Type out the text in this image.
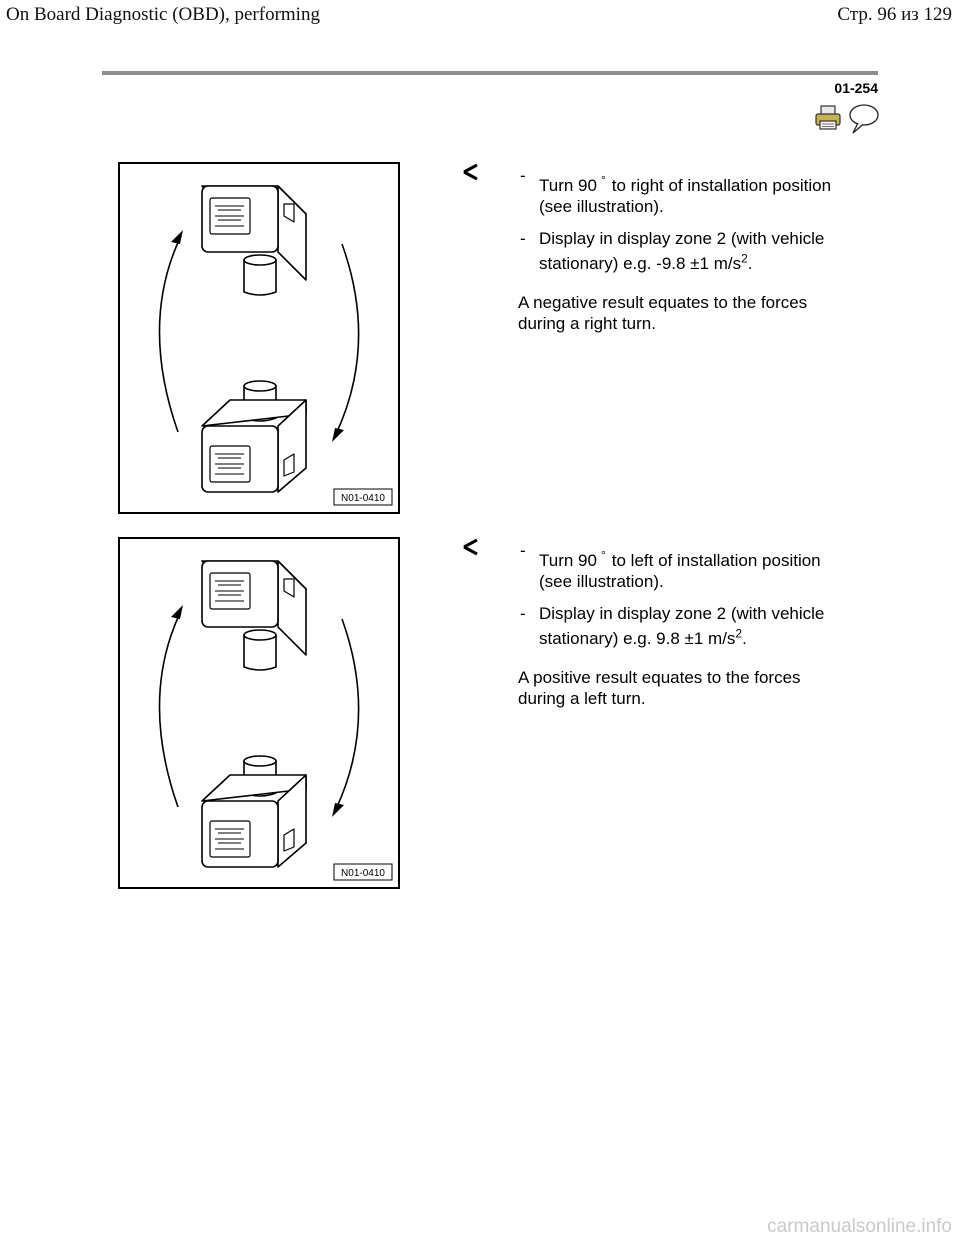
On Board Diagnostic (OBD), performing	Стр. 96 из 129
01-254
N01-0410
-
Turn 90 ° to right of installation position
(see illustration).
- Display in display zone 2 (with vehicle
stationary) e.g. -9.8 ±1 $m/s^2$.
A negative result equates to the forces
during a right turn.
N01-0410
-
Turn 90 ° to left of installation position
(see illustration).
- Display in display zone 2 (with vehicle
stationary) e.g. 9.8 ±1 $m/s^2$.
A positive result equates to the forces
during a left turn.
carmanualsonline.info
